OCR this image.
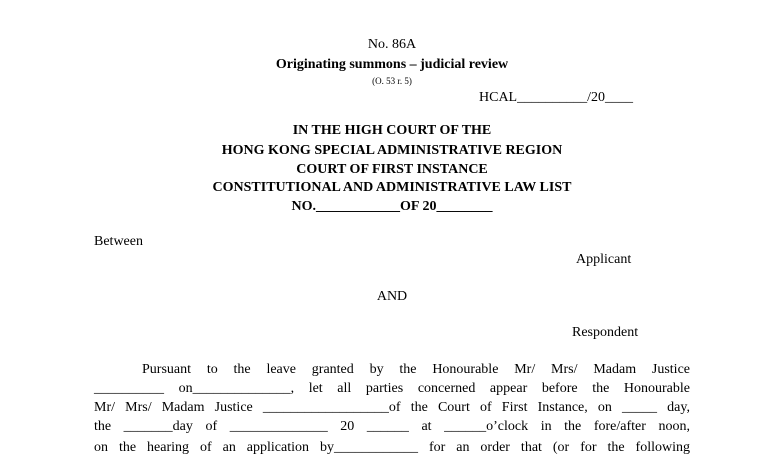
No. 86A
Originating summons – judicial review
(O. 53 r. 5)
HCAL__________/20____
IN THE HIGH COURT OF THE
HONG KONG SPECIAL ADMINISTRATIVE REGION
COURT OF FIRST INSTANCE
CONSTITUTIONAL AND ADMINISTRATIVE LAW LIST
NO.____________OF 20________
Between
Applicant
AND
Respondent
Pursuant to the leave granted by the Honourable Mr/ Mrs/ Madam Justice
__________ on______________, let all parties concerned appear before the Honourable
Mr/ Mrs/ Madam Justice __________________of the Court of First Instance, on _____ day,
the _______day of ______________ 20 ______ at ______o’clock in the fore/after noon,
on the hearing of an application by____________ for an order that (or for the following
